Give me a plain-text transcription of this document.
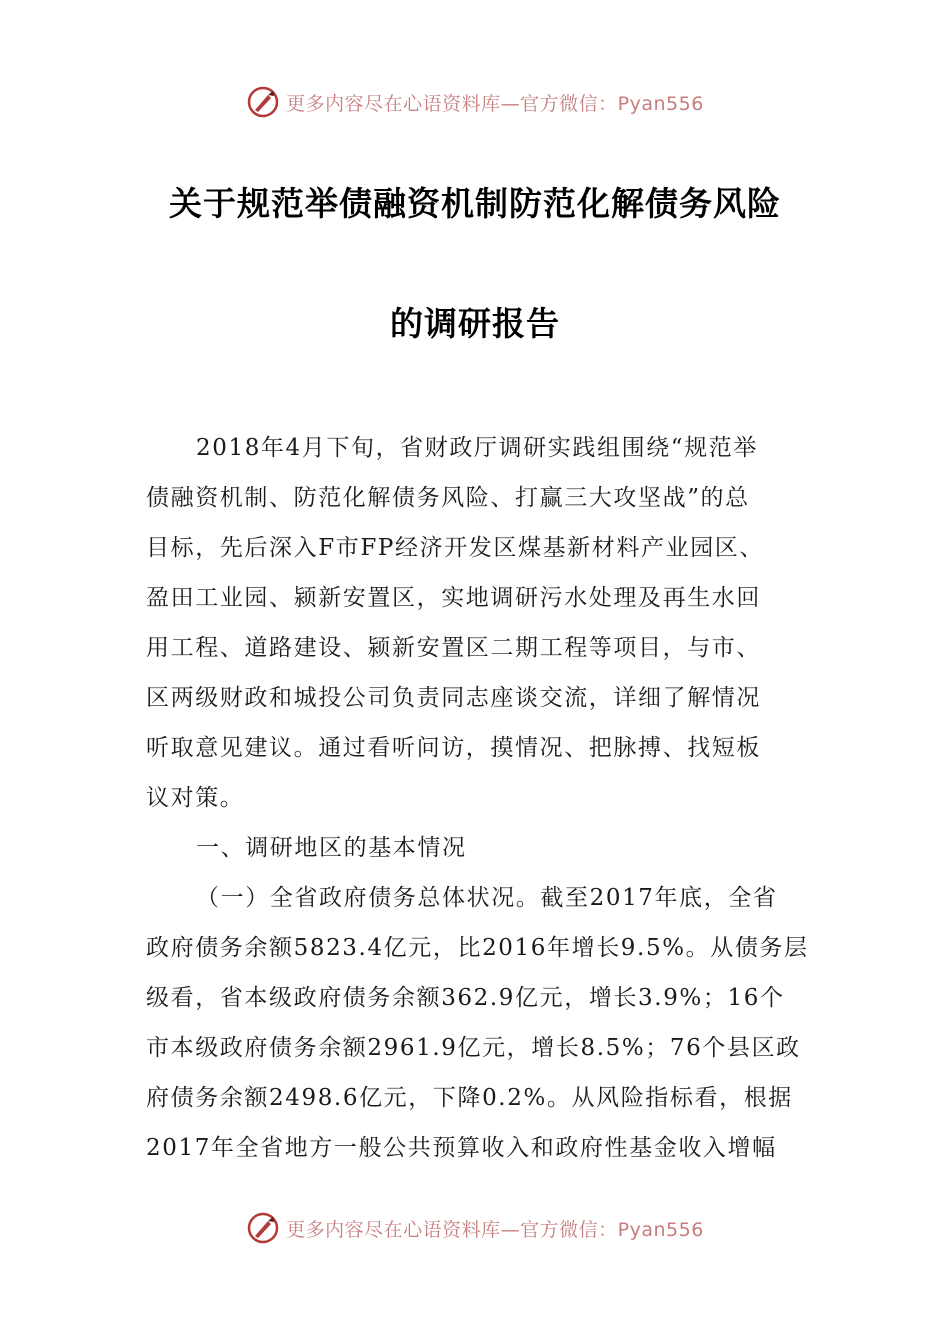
更多内容尽在心语资料库—官方微信：Pyan556
关于规范举债融资机制防范化解债务风险
的调研报告
2018年4月下旬，省财政厅调研实践组围绕“规范举
债融资机制、防范化解债务风险、打赢三大攻坚战”的总
目标，先后深入F市FP经济开发区煤基新材料产业园区、
盈田工业园、颍新安置区，实地调研污水处理及再生水回
用工程、道路建设、颍新安置区二期工程等项目，与市、
区两级财政和城投公司负责同志座谈交流，详细了解情况
听取意见建议。通过看听问访，摸情况、把脉搏、找短板
议对策。
一、调研地区的基本情况
（一）全省政府债务总体状况。截至2017年底，全省
政府债务余额5823.4亿元，比2016年增长9.5%。从债务层
级看，省本级政府债务余额362.9亿元，增长3.9%；16个
市本级政府债务余额2961.9亿元，增长8.5%；76个县区政
府债务余额2498.6亿元，下降0.2%。从风险指标看，根据
2017年全省地方一般公共预算收入和政府性基金收入增幅
更多内容尽在心语资料库—官方微信：Pyan556
